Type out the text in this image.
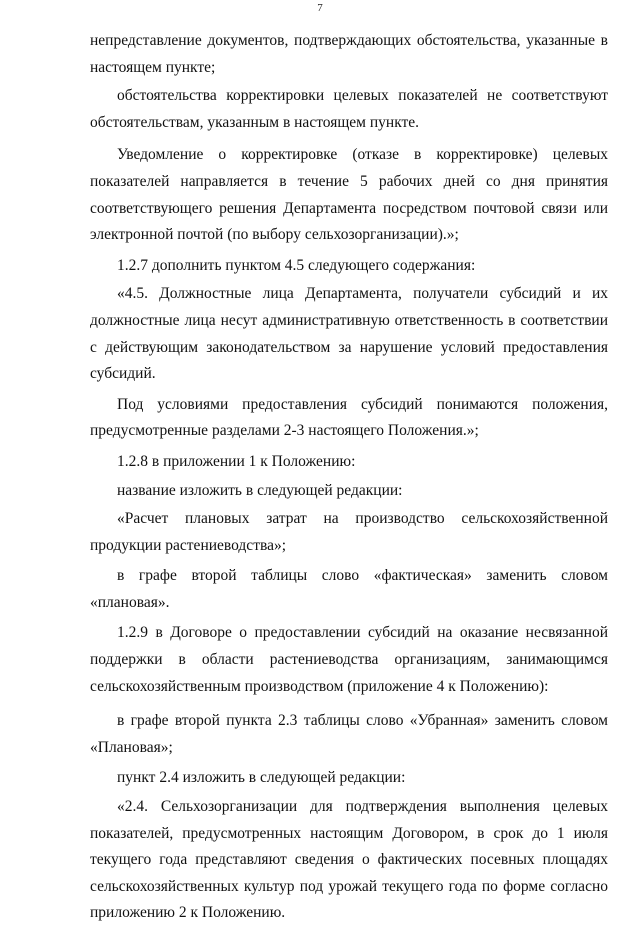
7

непредставление документов, подтверждающих обстоятельства, указанные в настоящем пункте;

обстоятельства корректировки целевых показателей не соответствуют обстоятельствам, указанным в настоящем пункте.

Уведомление о корректировке (отказе в корректировке) целевых показателей направляется в течение 5 рабочих дней со дня принятия соответствующего решения Департамента посредством почтовой связи или электронной почтой (по выбору сельхозорганизации).»;

1.2.7 дополнить пунктом 4.5 следующего содержания:

«4.5. Должностные лица Департамента, получатели субсидий и их должностные лица несут административную ответственность в соответствии с действующим законодательством за нарушение условий предоставления субсидий.

Под условиями предоставления субсидий понимаются положения, предусмотренные разделами 2-3 настоящего Положения.»;

1.2.8 в приложении 1 к Положению:

название изложить в следующей редакции:

«Расчет плановых затрат на производство сельскохозяйственной продукции растениеводства»;

в графе второй таблицы слово «фактическая» заменить словом «плановая».

1.2.9 в Договоре о предоставлении субсидий на оказание несвязанной поддержки в области растениеводства организациям, занимающимся сельскохозяйственным производством (приложение 4 к Положению):

в графе второй пункта 2.3 таблицы слово «Убранная» заменить словом «Плановая»;

пункт 2.4 изложить в следующей редакции:

«2.4. Сельхозорганизации для подтверждения выполнения целевых показателей, предусмотренных настоящим Договором, в срок до 1 июля текущего года представляют сведения о фактических посевных площадях сельскохозяйственных культур под урожай текущего года по форме согласно приложению 2 к Положению.
